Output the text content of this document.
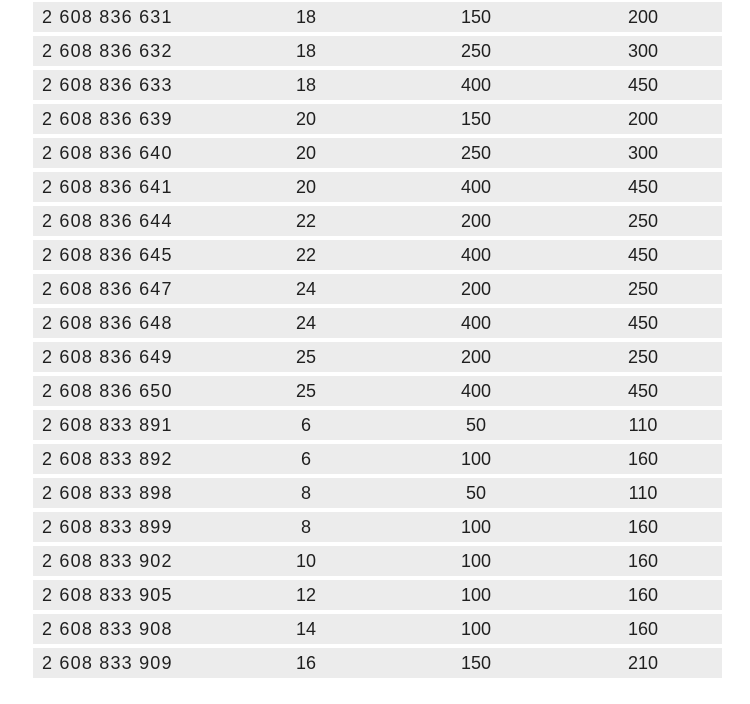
2 608 836 631	18	150	200
2 608 836 632	18	250	300
2 608 836 633	18	400	450
2 608 836 639	20	150	200
2 608 836 640	20	250	300
2 608 836 641	20	400	450
2 608 836 644	22	200	250
2 608 836 645	22	400	450
2 608 836 647	24	200	250
2 608 836 648	24	400	450
2 608 836 649	25	200	250
2 608 836 650	25	400	450
2 608 833 891	6	50	110
2 608 833 892	6	100	160
2 608 833 898	8	50	110
2 608 833 899	8	100	160
2 608 833 902	10	100	160
2 608 833 905	12	100	160
2 608 833 908	14	100	160
2 608 833 909	16	150	210
